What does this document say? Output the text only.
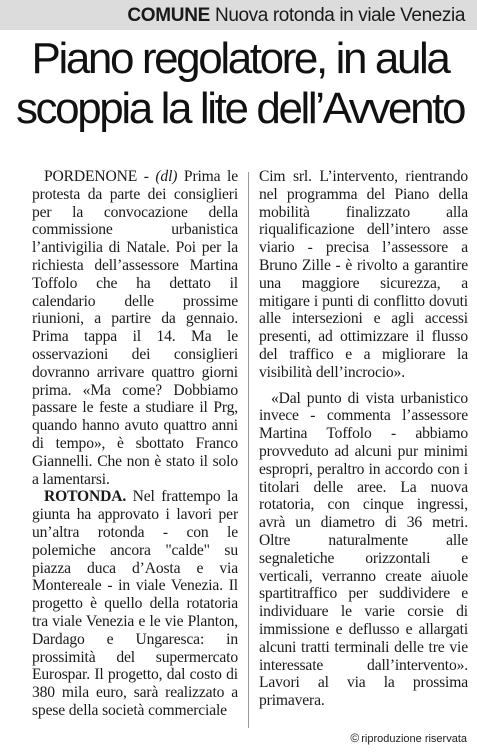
COMUNE Nuova rotonda in viale Venezia
Piano regolatore, in aula
scoppia la lite dell’Avvento

PORDENONE - (dl) Prima le protesta da parte dei consiglieri per la convocazione della commissione urbanistica l’antivigilia di Natale. Poi per la richiesta dell’assessore Martina Toffolo che ha dettato il calendario delle prossime riunioni, a partire da gennaio. Prima tappa il 14. Ma le osservazioni dei consiglieri dovranno arrivare quattro giorni prima. «Ma come? Dobbiamo passare le feste a studiare il Prg, quando hanno avuto quattro anni di tempo», è sbottato Franco Giannelli. Che non è stato il solo a lamentarsi.

ROTONDA. Nel frattempo la giunta ha approvato i lavori per un’altra rotonda - con le polemiche ancora "calde" su piazza duca d’Aosta e via Montereale - in viale Venezia. Il progetto è quello della rotatoria tra viale Venezia e le vie Planton, Dardago e Ungaresca: in prossimità del supermercato Eurospar. Il progetto, dal costo di 380 mila euro, sarà realizzato a spese della società commerciale

Cim srl. L’intervento, rientrando nel programma del Piano della mobilità finalizzato alla riqualificazione dell’intero asse viario - precisa l’assessore a Bruno Zille - è rivolto a garantire una maggiore sicurezza, a mitigare i punti di conflitto dovuti alle intersezioni e agli accessi presenti, ad ottimizzare il flusso del traffico e a migliorare la visibilità dell’incrocio».

«Dal punto di vista urbanistico invece - commenta l’assessore Martina Toffolo - abbiamo provveduto ad alcuni pur minimi espropri, peraltro in accordo con i titolari delle aree. La nuova rotatoria, con cinque ingressi, avrà un diametro di 36 metri. Oltre naturalmente alle segnaletiche orizzontali e verticali, verranno create aiuole spartitraffico per suddividere e individuare le varie corsie di immissione e deflusso e allargati alcuni tratti terminali delle tre vie interessate dall’intervento». Lavori al via la prossima primavera.

© riproduzione riservata
